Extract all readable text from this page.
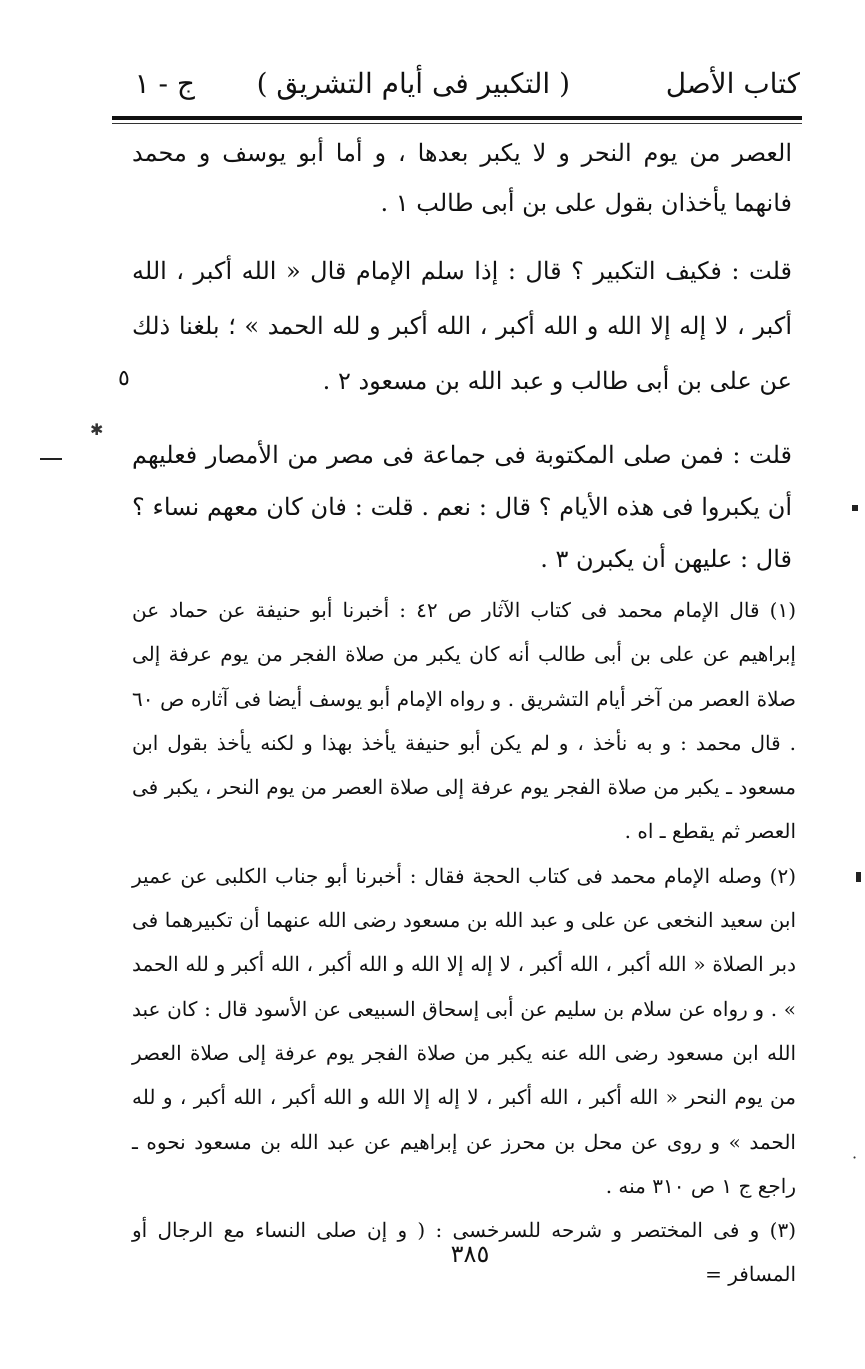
كتاب الأصل
( التكبير فى أيام التشريق )
ج - ١

العصر من يوم النحر و لا يكبر بعدها ، و أما أبو يوسف و محمد فانهما يأخذان بقول على بن أبى طالب ١ .

قلت : فكيف التكبير ؟ قال : إذا سلم الإمام قال « الله أكبر ، الله أكبر ، لا إله إلا الله و الله أكبر ، الله أكبر و لله الحمد » ؛ بلغنا ذلك عن على بن أبى طالب و عبد الله بن مسعود ٢ .

قلت : فمن صلى المكتوبة فى جماعة فى مصر من الأمصار فعليهم أن يكبروا فى هذه الأيام ؟ قال : نعم . قلت : فان كان معهم نساء ؟ قال : عليهن أن يكبرن ٣ .

٥
✱
·

(١) قال الإمام محمد فى كتاب الآثار ص ٤٢ : أخبرنا أبو حنيفة عن حماد عن إبراهيم عن على بن أبى طالب أنه كان يكبر من صلاة الفجر من يوم عرفة إلى صلاة العصر من آخر أيام التشريق . و رواه الإمام أبو يوسف أيضا فى آثاره ص ٦٠ . قال محمد : و به نأخذ ، و لم يكن أبو حنيفة يأخذ بهذا و لكنه يأخذ بقول ابن مسعود ـ يكبر من صلاة الفجر يوم عرفة إلى صلاة العصر من يوم النحر ، يكبر فى العصر ثم يقطع ـ اه .

(٢) وصله الإمام محمد فى كتاب الحجة فقال : أخبرنا أبو جناب الكلبى عن عمير ابن سعيد النخعى عن على و عبد الله بن مسعود رضى الله عنهما أن تكبيرهما فى دبر الصلاة « الله أكبر ، الله أكبر ، لا إله إلا الله و الله أكبر ، الله أكبر و لله الحمد » . و رواه عن سلام بن سليم عن أبى إسحاق السبيعى عن الأسود قال : كان عبد الله ابن مسعود رضى الله عنه يكبر من صلاة الفجر يوم عرفة إلى صلاة العصر من يوم النحر « الله أكبر ، الله أكبر ، لا إله إلا الله و الله أكبر ، الله أكبر ، و لله الحمد » و روى عن محل بن محرز عن إبراهيم عن عبد الله بن مسعود نحوه ـ راجع ج ١ ص ٣١٠ منه .

(٣) و فى المختصر و شرحه للسرخسى : ( و إن صلى النساء مع الرجال أو المسافر =

٣٨٥
